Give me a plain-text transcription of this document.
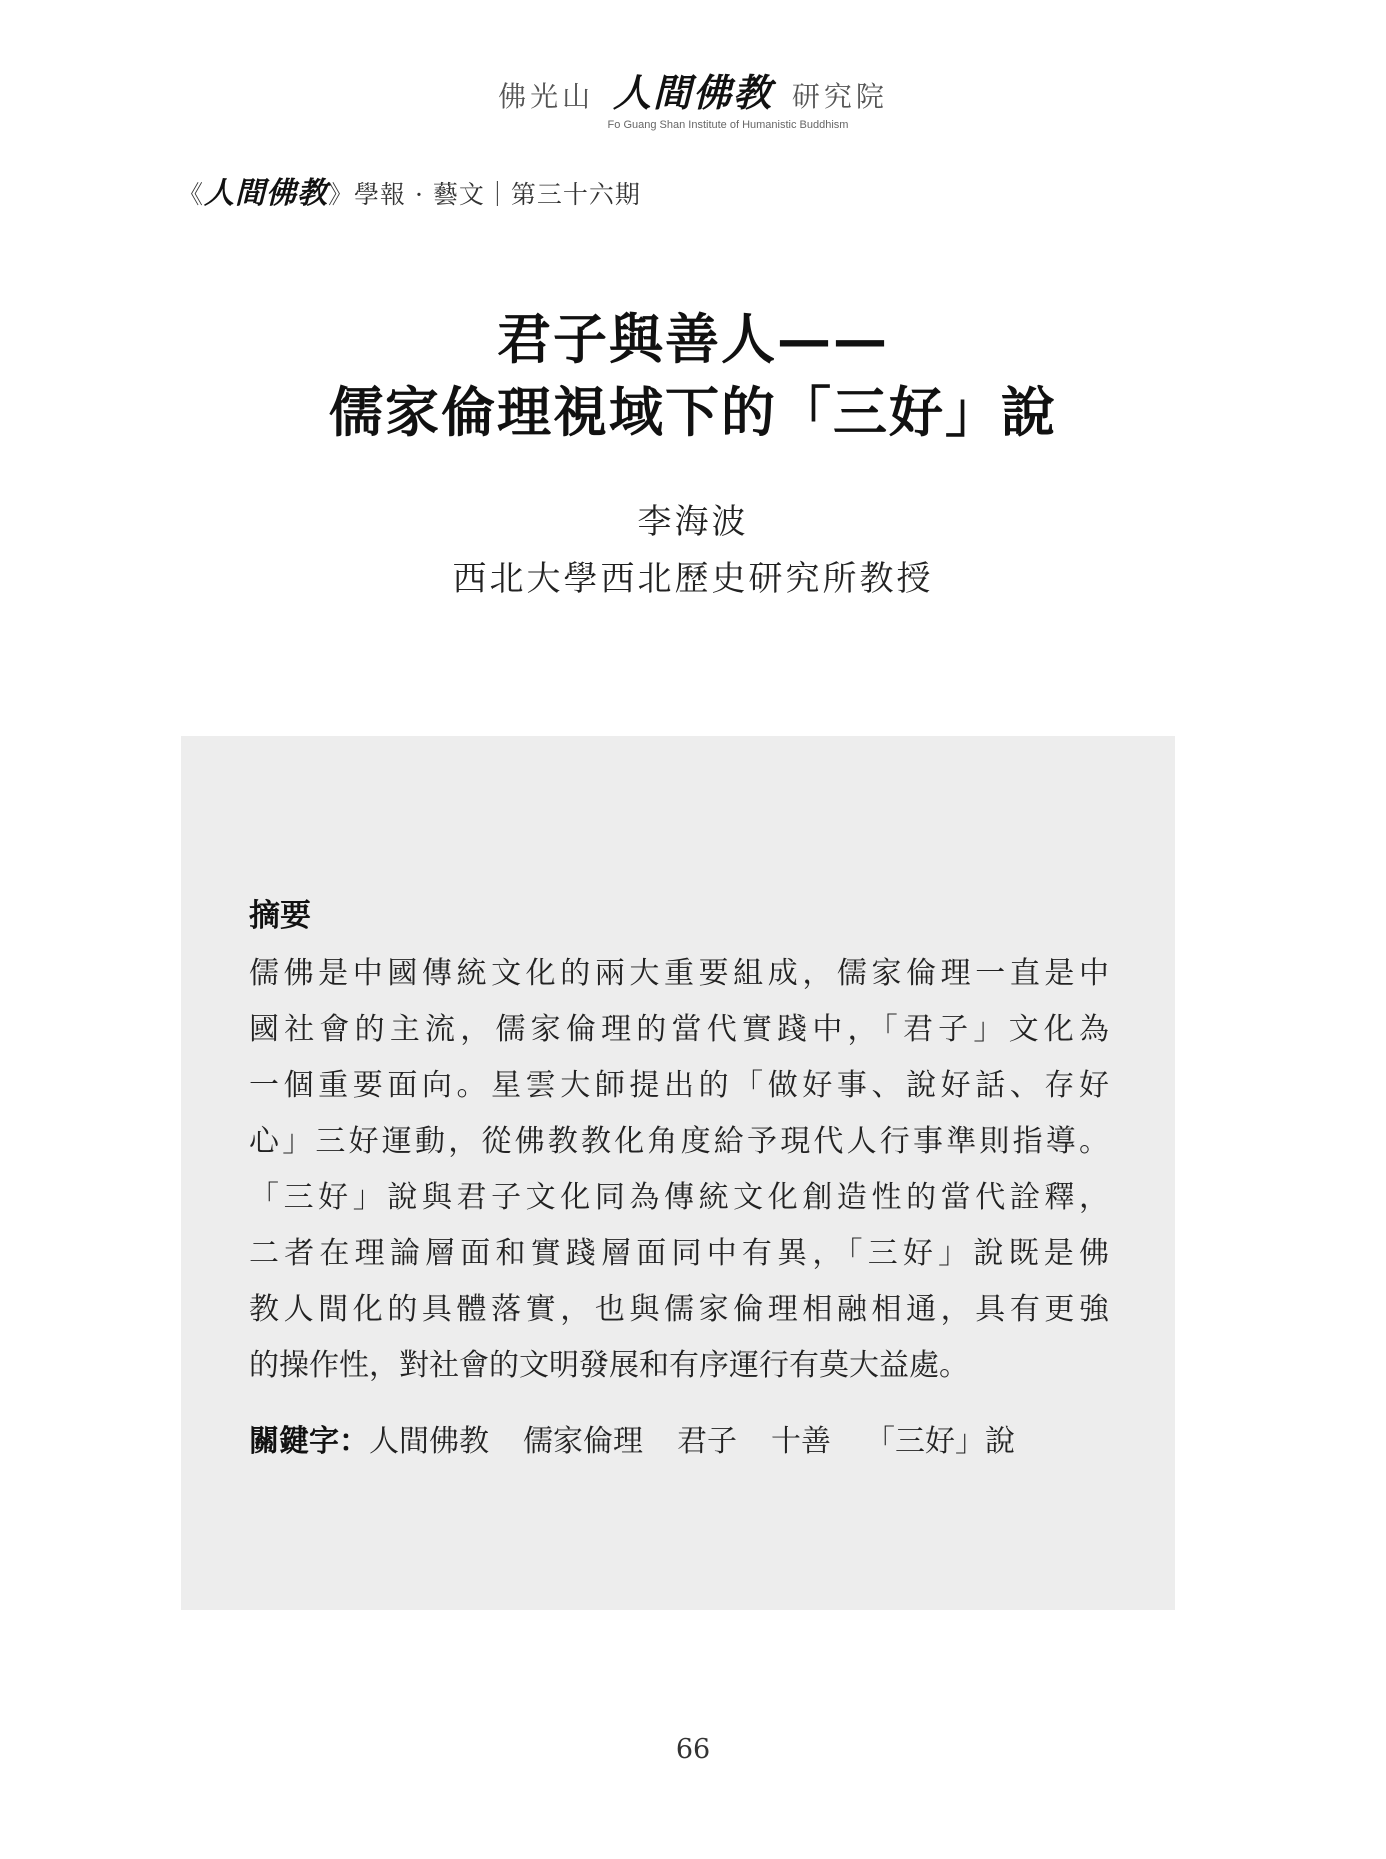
佛光山 人間佛教 研究院
Fo Guang Shan Institute of Humanistic Buddhism
《人間佛教》學報 · 藝文｜第三十六期
君子與善人——
儒家倫理視域下的「三好」說
李海波
西北大學西北歷史研究所教授
摘要
儒佛是中國傳統文化的兩大重要組成，儒家倫理一直是中
國社會的主流，儒家倫理的當代實踐中，「君子」文化為
一個重要面向。星雲大師提出的「做好事、說好話、存好
心」三好運動，從佛教教化角度給予現代人行事準則指導。
「三好」說與君子文化同為傳統文化創造性的當代詮釋，
二者在理論層面和實踐層面同中有異，「三好」說既是佛
教人間化的具體落實，也與儒家倫理相融相通，具有更強
的操作性，對社會的文明發展和有序運行有莫大益處。
關鍵字：人間佛教 儒家倫理 君子 十善 「三好」說
66
